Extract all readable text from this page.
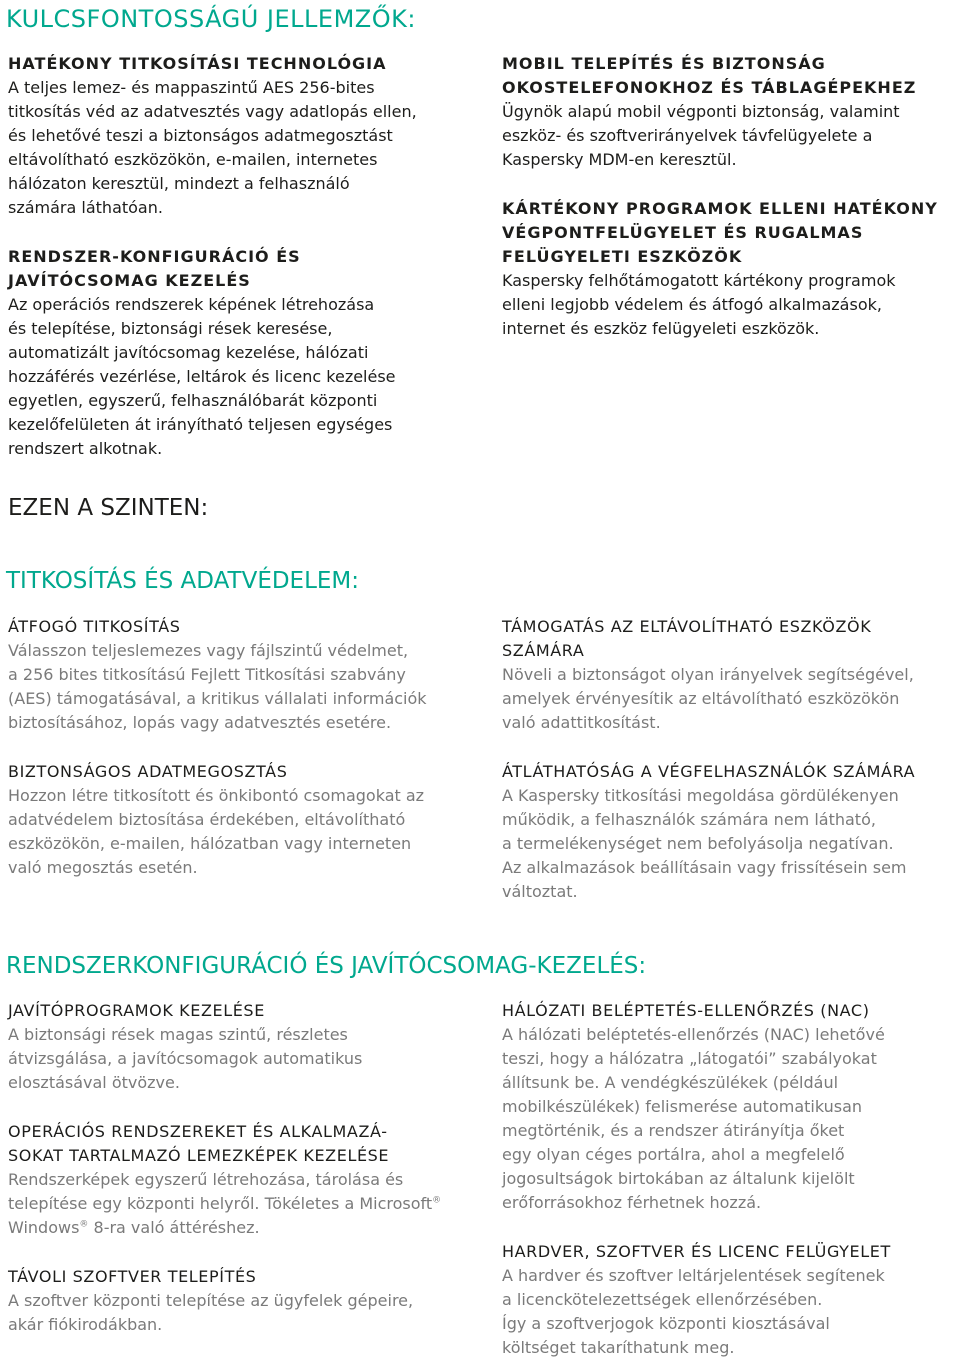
KULCSFONTOSSÁGÚ JELLEMZŐK:
HATÉKONY TITKOSÍTÁSI TECHNOLÓGIA
A teljes lemez- és mappaszintű AES 256-bites
titkosítás véd az adatvesztés vagy adatlopás ellen,
és lehetővé teszi a biztonságos adatmegosztást
eltávolítható eszközökön, e-mailen, internetes
hálózaton keresztül, mindezt a felhasználó
számára láthatóan.
RENDSZER-KONFIGURÁCIÓ ÉS
JAVÍTÓCSOMAG KEZELÉS
Az operációs rendszerek képének létrehozása
és telepítése, biztonsági rések keresése,
automatizált javítócsomag kezelése, hálózati
hozzáférés vezérlése, leltárok és licenc kezelése
egyetlen, egyszerű, felhasználóbarát központi
kezelőfelületen át irányítható teljesen egységes
rendszert alkotnak.
MOBIL TELEPÍTÉS ÉS BIZTONSÁG
OKOSTELEFONOKHOZ ÉS TÁBLAGÉPEKHEZ
Ügynök alapú mobil végponti biztonság, valamint
eszköz- és szoftverirányelvek távfelügyelete a
Kaspersky MDM-en keresztül.
KÁRTÉKONY PROGRAMOK ELLENI HATÉKONY
VÉGPONTFELÜGYELET ÉS RUGALMAS
FELÜGYELETI ESZKÖZÖK
Kaspersky felhőtámogatott kártékony programok
elleni legjobb védelem és átfogó alkalmazások,
internet és eszköz felügyeleti eszközök.
EZEN A SZINTEN:
TITKOSÍTÁS ÉS ADATVÉDELEM:
ÁTFOGÓ TITKOSÍTÁS
Válasszon teljeslemezes vagy fájlszintű védelmet,
a 256 bites titkosítású Fejlett Titkosítási szabvány
(AES) támogatásával, a kritikus vállalati információk
biztosításához, lopás vagy adatvesztés esetére.
TÁMOGATÁS AZ ELTÁVOLÍTHATÓ ESZKÖZÖK
SZÁMÁRA
Növeli a biztonságot olyan irányelvek segítségével,
amelyek érvényesítik az eltávolítható eszközökön
való adattitkosítást.
BIZTONSÁGOS ADATMEGOSZTÁS
Hozzon létre titkosított és önkibontó csomagokat az
adatvédelem biztosítása érdekében, eltávolítható
eszközökön, e-mailen, hálózatban vagy interneten
való megosztás esetén.
ÁTLÁTHATÓSÁG A VÉGFELHASZNÁLÓK SZÁMÁRA
A Kaspersky titkosítási megoldása gördülékenyen
működik, a felhasználók számára nem látható,
a termelékenységet nem befolyásolja negatívan.
Az alkalmazások beállításain vagy frissítésein sem
változtat.
RENDSZERKONFIGURÁCIÓ ÉS JAVÍTÓCSOMAG-KEZELÉS:
JAVÍTÓPROGRAMOK KEZELÉSE
A biztonsági rések magas szintű, részletes
átvizsgálása, a javítócsomagok automatikus
elosztásával ötvözve.
HÁLÓZATI BELÉPTETÉS-ELLENŐRZÉS (NAC)
A hálózati beléptetés-ellenőrzés (NAC) lehetővé
teszi, hogy a hálózatra „látogatói” szabályokat
állítsunk be. A vendégkészülékek (például
mobilkészülékek) felismerése automatikusan
megtörténik, és a rendszer átirányítja őket
egy olyan céges portálra, ahol a megfelelő
jogosultságok birtokában az általunk kijelölt
erőforrásokhoz férhetnek hozzá.
OPERÁCIÓS RENDSZEREKET ÉS ALKALMAZÁ-
SOKAT TARTALMAZÓ LEMEZKÉPEK KEZELÉSE
Rendszerképek egyszerű létrehozása, tárolása és
telepítése egy központi helyről. Tökéletes a Microsoft®
Windows® 8-ra való áttéréshez.
HARDVER, SZOFTVER ÉS LICENC FELÜGYELET
A hardver és szoftver leltárjelentések segítenek
a licenckötelezettségek ellenőrzésében.
Így a szoftverjogok központi kiosztásával
költséget takaríthatunk meg.
TÁVOLI SZOFTVER TELEPÍTÉS
A szoftver központi telepítése az ügyfelek gépeire,
akár fiókirodákban.
